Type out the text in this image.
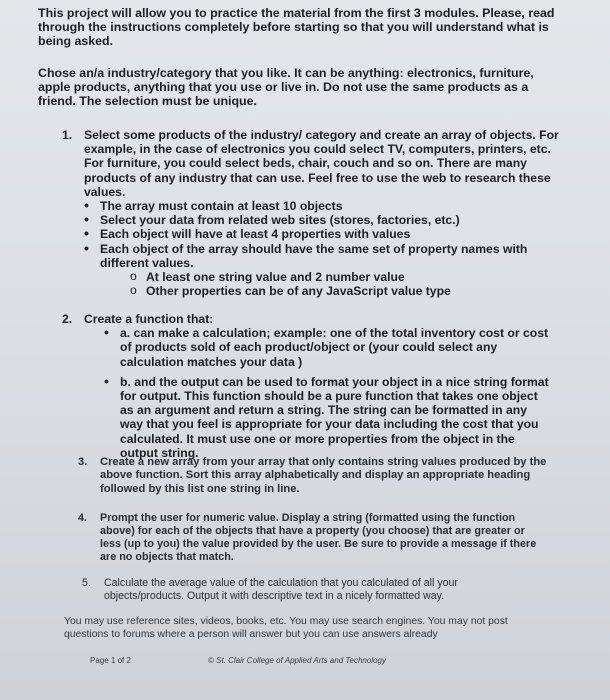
This project will allow you to practice the material from the first 3 modules. Please, read through the instructions completely before starting so that you will understand what is being asked.

Chose an/a industry/category that you like. It can be anything: electronics, furniture, apple products, anything that you use or live in. Do not use the same products as a friend. The selection must be unique.

1. Select some products of the industry/ category and create an array of objects. For example, in the case of electronics you could select TV, computers, printers, etc. For furniture, you could select beds, chair, couch and so on. There are many products of any industry that can use. Feel free to use the web to research these values.
• The array must contain at least 10 objects
• Select your data from related web sites (stores, factories, etc.)
• Each object will have at least 4 properties with values
• Each object of the array should have the same set of property names with different values.
o At least one string value and 2 number value
o Other properties can be of any JavaScript value type
2. Create a function that:
• a. can make a calculation; example: one of the total inventory cost or cost of products sold of each product/object or (your could select any calculation matches your data )
• b. and the output can be used to format your object in a nice string format for output. This function should be a pure function that takes one object as an argument and return a string. The string can be formatted in any way that you feel is appropriate for your data including the cost that you calculated. It must use one or more properties from the object in the output string.
3. Create a new array from your array that only contains string values produced by the above function. Sort this array alphabetically and display an appropriate heading followed by this list one string in line.
4. Prompt the user for numeric value. Display a string (formatted using the function above) for each of the objects that have a property (you choose) that are greater or less (up to you) the value provided by the user. Be sure to provide a message if there are no objects that match.
5. Calculate the average value of the calculation that you calculated of all your objects/products. Output it with descriptive text in a nicely formatted way.

You may use reference sites, videos, books, etc. You may use search engines. You may not post questions to forums where a person will answer but you can use answers already

Page 1 of 2	© St. Clair College of Applied Arts and Technology
